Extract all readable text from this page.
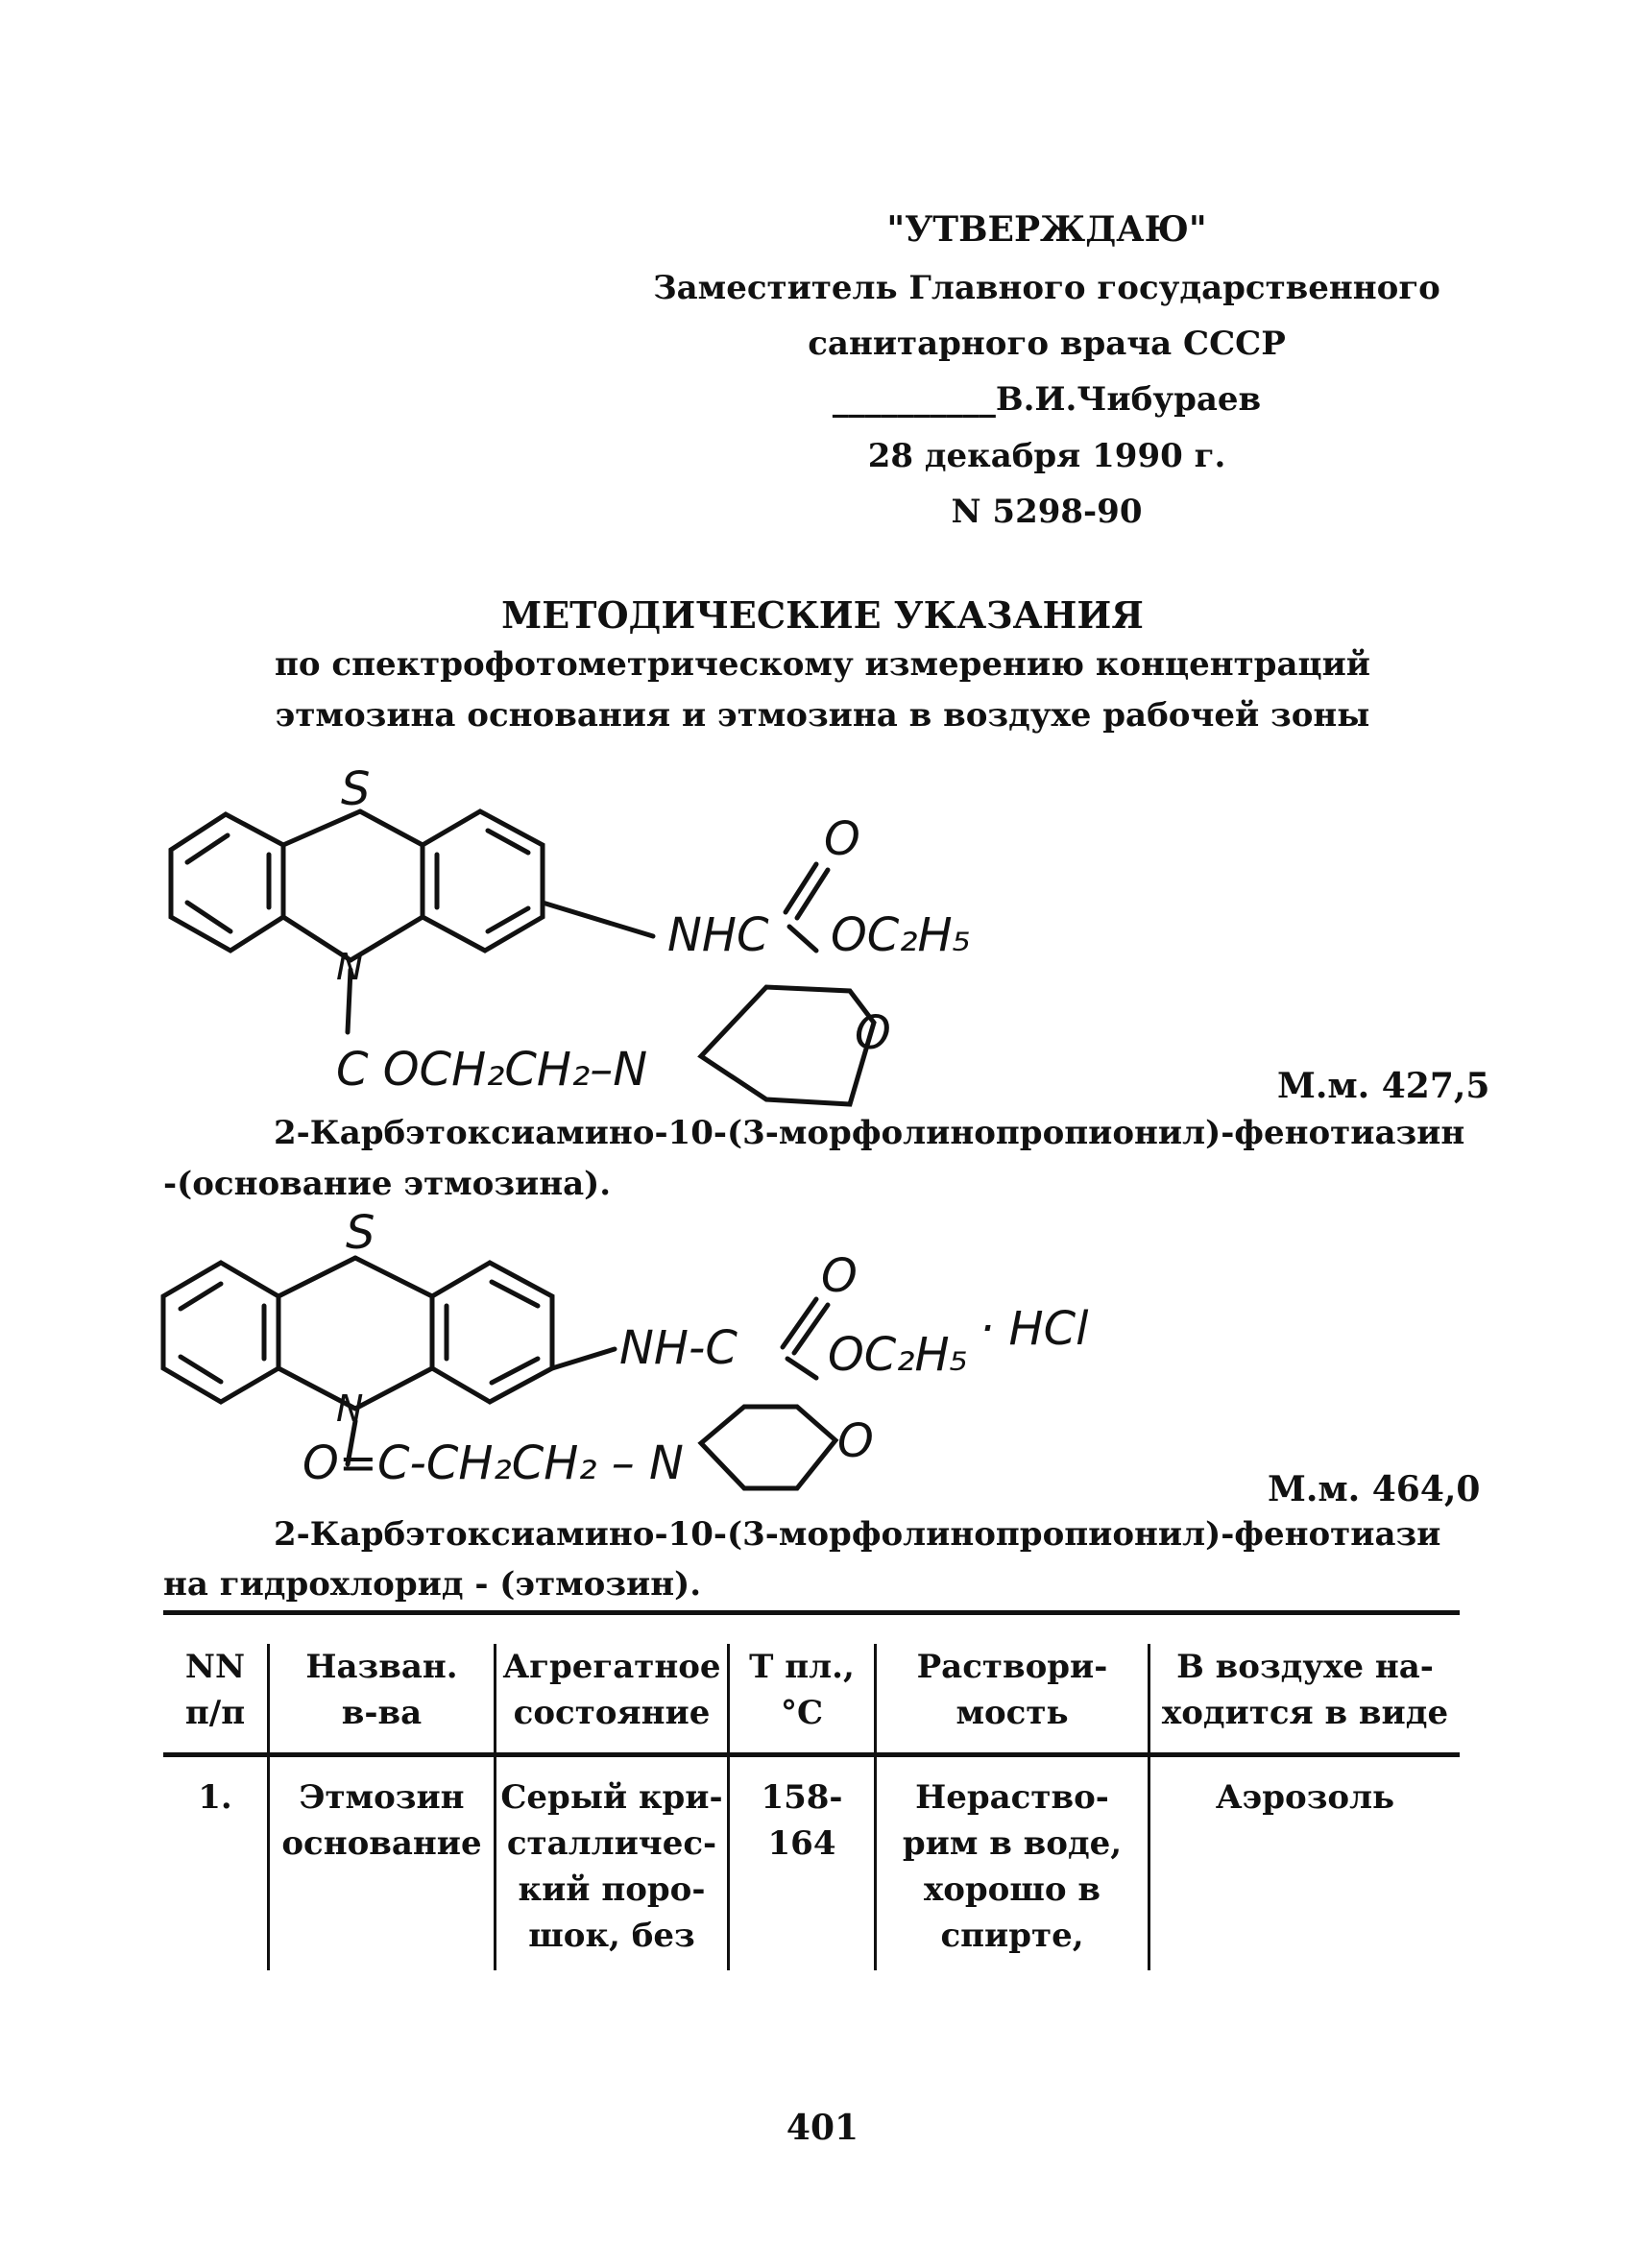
"УТВЕРЖДАЮ"
Заместитель Главного государственного
санитарного врача СССР
__________В.И.Чибураев
28 декабря 1990 г.
N 5298-90
МЕТОДИЧЕСКИЕ УКАЗАНИЯ
по спектрофотометрическому измерению концентраций
этмозина основания и этмозина в воздухе рабочей зоны
S
N
O
NHC OC₂H₅
C OCH₂CH₂–N
O
М.м. 427,5
2-Карбэтоксиамино-10-(3-морфолинопропионил)-фенотиазин
-(основание этмозина).
S
N
O
NH-C OC₂H₅ · HCl
O=C-CH₂CH₂ – N	O
М.м. 464,0
2-Карбэтоксиамино-10-(3-морфолинопропионил)-фенотиази
на гидрохлорид - (этмозин).
NN
п/п
Назван.
в-ва
Агрегатное
состояние
Т пл.,
°С
Раствори-
мость
В воздухе на-
ходится в виде
1.	Этмозин
основание
Серый кри-
сталличес-
кий поро-
шок, без
158-
164
Нераство-
рим в воде,
хорошо в
спирте,
Аэрозоль
401
